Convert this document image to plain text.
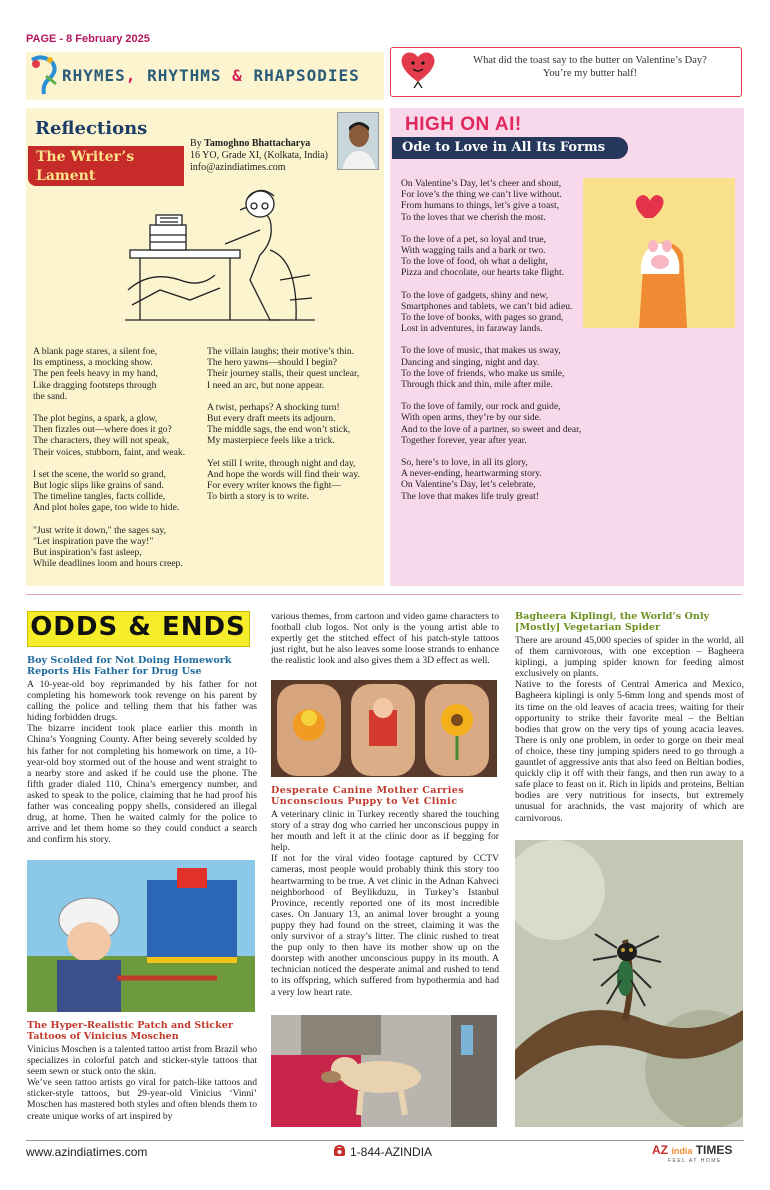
PAGE - 8 February 2025
RHYMES, RHYTHMS & RHAPSODIES
What did the toast say to the butter on Valentine’s Day?
You’re my butter half!
Reflections
The Writer’s
Lament
By Tamoghno Bhattacharya
16 YO, Grade XI, (Kolkata, India)
info@azindiatimes.com
A blank page stares, a silent foe,
Its emptiness, a mocking show.
The pen feels heavy in my hand,
Like dragging footsteps through
the sand.
The plot begins, a spark, a glow,
Then fizzles out—where does it go?
The characters, they will not speak,
Their voices, stubborn, faint, and weak.
I set the scene, the world so grand,
But logic slips like grains of sand.
The timeline tangles, facts collide,
And plot holes gape, too wide to hide.
"Just write it down," the sages say,
"Let inspiration pave the way!"
But inspiration’s fast asleep,
While deadlines loom and hours creep.
The villain laughs; their motive’s thin.
The hero yawns—should I begin?
Their journey stalls, their quest unclear,
I need an arc, but none appear.
A twist, perhaps? A shocking turn!
But every draft meets its adjourn.
The middle sags, the end won’t stick,
My masterpiece feels like a trick.
Yet still I write, through night and day,
And hope the words will find their way.
For every writer knows the fight—
To birth a story is to write.
HIGH ON AI!
Ode to Love in All Its Forms
On Valentine’s Day, let’s cheer and shout,
For love’s the thing we can’t live without.
From humans to things, let’s give a toast,
To the loves that we cherish the most.
To the love of a pet, so loyal and true,
With wagging tails and a bark or two.
To the love of food, oh what a delight,
Pizza and chocolate, our hearts take flight.
To the love of gadgets, shiny and new,
Smartphones and tablets, we can’t bid adieu.
To the love of books, with pages so grand,
Lost in adventures, in faraway lands.
To the love of music, that makes us sway,
Dancing and singing, night and day.
To the love of friends, who make us smile,
Through thick and thin, mile after mile.
To the love of family, our rock and guide,
With open arms, they’re by our side.
And to the love of a partner, so sweet and dear,
Together forever, year after year.
So, here’s to love, in all its glory,
A never-ending, heartwarming story.
On Valentine’s Day, let’s celebrate,
The love that makes life truly great!
ODDS & ENDS
Boy Scolded for Not Doing Homework Reports His Father for Drug Use

A 10-year-old boy reprimanded by his father for not completing his homework took revenge on his parent by calling the police and telling them that his father was hiding forbidden drugs.

The bizarre incident took place earlier this month in China’s Yongning County. After being severely scolded by his father for not completing his homework on time, a 10-year-old boy stormed out of the house and went straight to a nearby store and asked if he could use the phone. The fifth grader dialed 110, China’s emergency number, and asked to speak to the police, claiming that he had proof his father was concealing poppy shells, considered an illegal drug, at home. Then he waited calmly for the police to arrive and let them home so they could conduct a search and confirm his story.

The Hyper-Realistic Patch and Sticker Tattoos of Vinicius Moschen

Vinicius Moschen is a talented tattoo artist from Brazil who specializes in colorful patch and sticker-style tattoos that seem sewn or stuck onto the skin.

We’ve seen tattoo artists go viral for patch-like tattoos and sticker-style tattoos, but 29-year-old Vinicius ‘Vinni’ Moschen has mastered both styles and often blends them to create unique works of art inspired by

various themes, from cartoon and video game characters to football club logos. Not only is the young artist able to expertly get the stitched effect of his patch-style tattoos just right, but he also leaves some loose strands to enhance the realistic look and also gives them a 3D effect as well.
Desperate Canine Mother Carries Unconscious Puppy to Vet Clinic

A veterinary clinic in Turkey recently shared the touching story of a stray dog who carried her unconscious puppy in her mouth and left it at the clinic door as if begging for help.

If not for the viral video footage captured by CCTV cameras, most people would probably think this story too heartwarming to be true. A vet clinic in the Adnan Kahveci neighborhood of Beylikduzu, in Turkey’s Istanbul Province, recently reported one of its most incredible cases. On January 13, an animal lover brought a young puppy they had found on the street, claiming it was the only survivor of a stray’s litter. The clinic rushed to treat the pup only to then have its mother show up on the doorstep with another unconscious puppy in its mouth. A technician noticed the desperate animal and rushed to tend to its offspring, which suffered from hypothermia and had a very low heart rate.

Bagheera Kiplingi, the World’s Only [Mostly] Vegetarian Spider

There are around 45,000 species of spider in the world, all of them carnivorous, with one exception – Bagheera kiplingi, a jumping spider known for feeding almost exclusively on plants.

Native to the forests of Central America and Mexico, Bagheera kiplingi is only 5-6mm long and spends most of its time on the old leaves of acacia trees, waiting for their opportunity to strike their favorite meal – the Beltian bodies that grow on the very tips of young acacia leaves. There is only one problem, in order to gorge on their meal of choice, these tiny jumping spiders need to go through a gauntlet of aggressive ants that also feed on Beltian bodies, quickly clip it off with their fangs, and then run away to a safe place to feast on it. Rich in lipids and proteins, Beltian bodies are very nutritious for insects, but extremely unusual for arachnids, the vast majority of which are carnivorous.

www.azindiatimes.com	1-844-AZINDIA	AZ india TIMES
FEEL AT HOME
